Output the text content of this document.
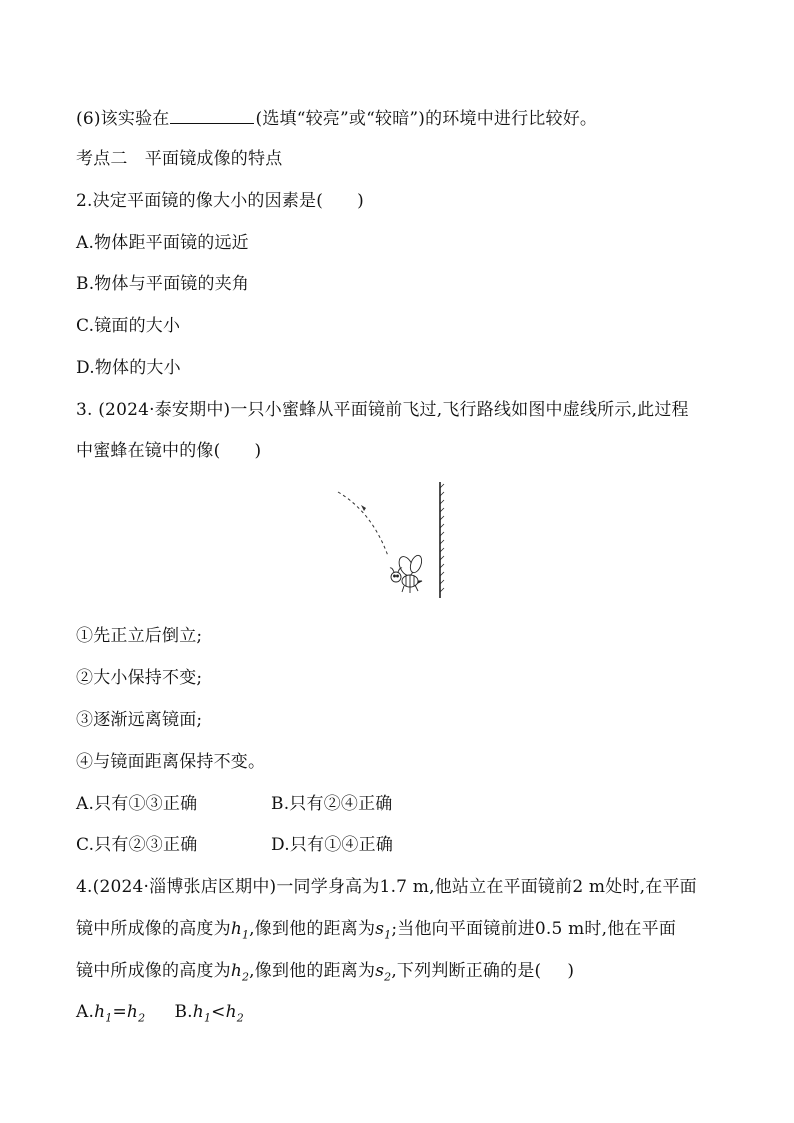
(6)该实验在	(选填“较亮”或“较暗”)的环境中进行比较好。
考点二　平面镜成像的特点
2.决定平面镜的像大小的因素是( )
A.物体距平面镜的远近
B.物体与平面镜的夹角
C.镜面的大小
D.物体的大小
3. (2024·泰安期中)一只小蜜蜂从平面镜前飞过,飞行路线如图中虚线所示,此过程
中蜜蜂在镜中的像( )
①先正立后倒立;
②大小保持不变;
③逐渐远离镜面;
④与镜面距离保持不变。
A.只有①③正确	B.只有②④正确
C.只有②③正确	D.只有①④正确
4.(2024·淄博张店区期中)一同学身高为1.7 m,他站立在平面镜前2 m处时,在平面
镜中所成像的高度为$h_1$,像到他的距离为$s_1$;当他向平面镜前进0.5 m时,他在平面
镜中所成像的高度为$h_2$,像到他的距离为$s_2$,下列判断正确的是( )
$A.h_1=h_2$ $B.h_1<h_2$
